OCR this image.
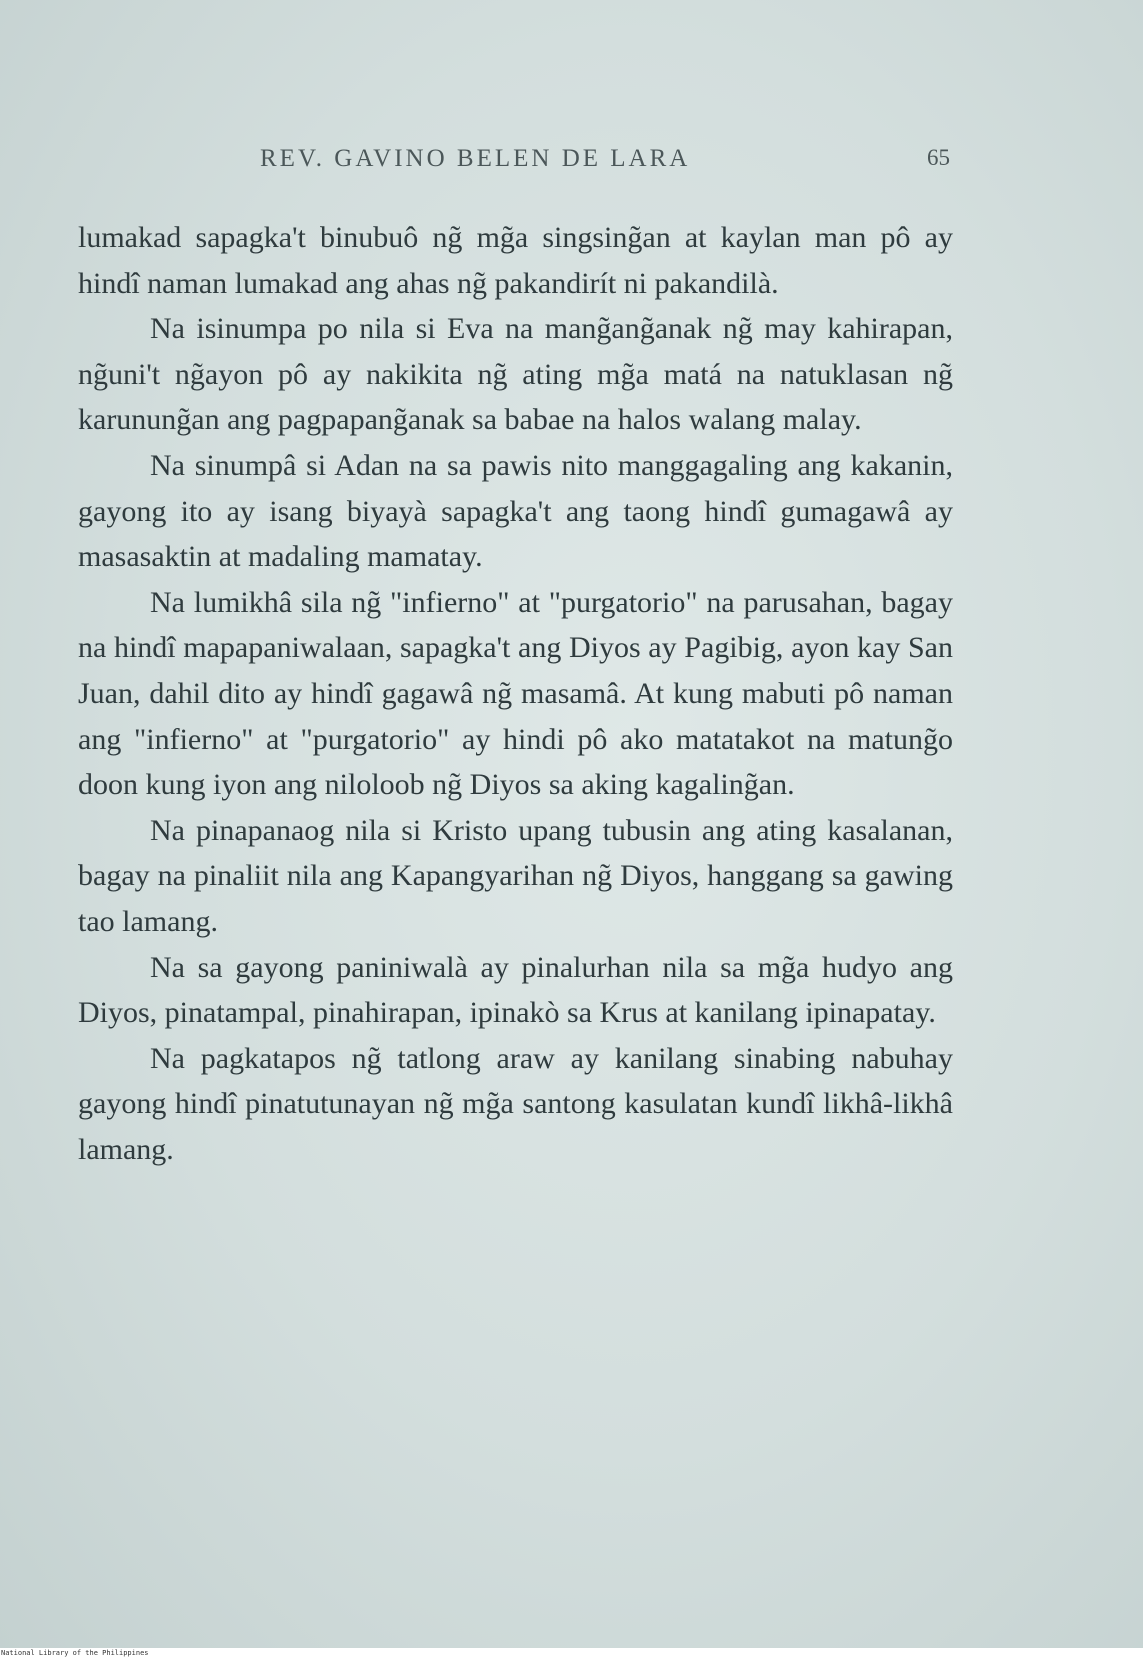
REV. GAVINO BELEN DE LARA	65

lumakad sapagka't binubuô ng̃ mg̃a singsing̃an at kaylan man pô ay hindî naman lumakad ang ahas ng̃ pakandirít ni pakandilà.

Na isinumpa po nila si Eva na mang̃ang̃anak ng̃ may kahirapan, ng̃uni't ng̃ayon pô ay nakikita ng̃ ating mg̃a matá na natuklasan ng̃ karunung̃an ang pagpapang̃anak sa babae na halos walang malay.

Na sinumpâ si Adan na sa pawis nito manggagaling ang kakanin, gayong ito ay isang biyayà sapagka't ang taong hindî gumagawâ ay masasaktin at madaling mamatay.

Na lumikhâ sila ng̃ "infierno" at "purgatorio" na parusahan, bagay na hindî mapapaniwalaan, sapagka't ang Diyos ay Pagibig, ayon kay San Juan, dahil dito ay hindî gagawâ ng̃ masamâ. At kung mabuti pô naman ang "infierno" at "purgatorio" ay hindi pô ako matatakot na matung̃o doon kung iyon ang niloloob ng̃ Diyos sa aking kagaling̃an.

Na pinapanaog nila si Kristo upang tubusin ang ating kasalanan, bagay na pinaliit nila ang Kapangyarihan ng̃ Diyos, hanggang sa gawing tao lamang.

Na sa gayong paniniwalà ay pinalurhan nila sa mg̃a hudyo ang Diyos, pinatampal, pinahirapan, ipinakò sa Krus at kanilang ipinapatay.

Na pagkatapos ng̃ tatlong araw ay kanilang sinabing nabuhay gayong hindî pinatutunayan ng̃ mg̃a santong kasulatan kundî likhâ-likhâ lamang.

National Library of the Philippines
